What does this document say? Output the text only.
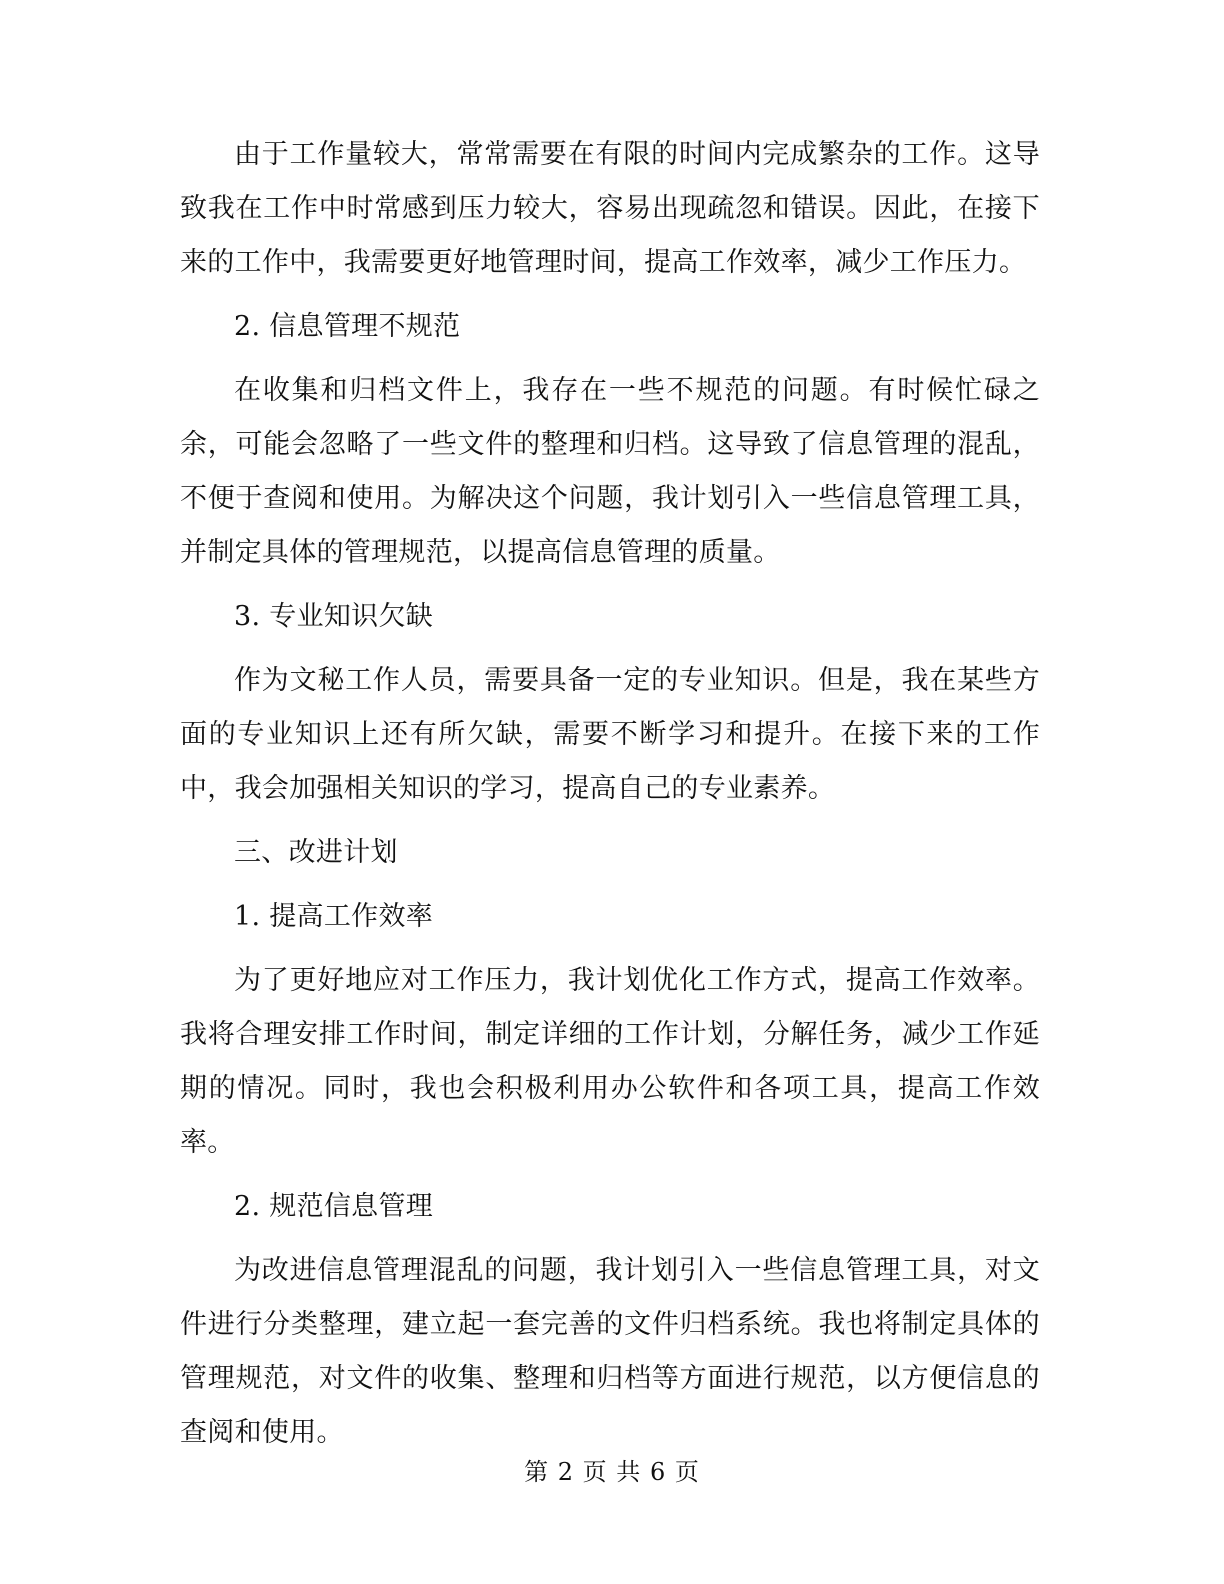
由于工作量较大，常常需要在有限的时间内完成繁杂的工作。这导致我在工作中时常感到压力较大，容易出现疏忽和错误。因此，在接下来的工作中，我需要更好地管理时间，提高工作效率，减少工作压力。

2. 信息管理不规范

在收集和归档文件上，我存在一些不规范的问题。有时候忙碌之余，可能会忽略了一些文件的整理和归档。这导致了信息管理的混乱，不便于查阅和使用。为解决这个问题，我计划引入一些信息管理工具，并制定具体的管理规范，以提高信息管理的质量。

3. 专业知识欠缺

作为文秘工作人员，需要具备一定的专业知识。但是，我在某些方面的专业知识上还有所欠缺，需要不断学习和提升。在接下来的工作中，我会加强相关知识的学习，提高自己的专业素养。

三、改进计划

1. 提高工作效率

为了更好地应对工作压力，我计划优化工作方式，提高工作效率。我将合理安排工作时间，制定详细的工作计划，分解任务，减少工作延期的情况。同时，我也会积极利用办公软件和各项工具，提高工作效率。

2. 规范信息管理

为改进信息管理混乱的问题，我计划引入一些信息管理工具，对文件进行分类整理，建立起一套完善的文件归档系统。我也将制定具体的管理规范，对文件的收集、整理和归档等方面进行规范，以方便信息的查阅和使用。

第 2 页 共 6 页
